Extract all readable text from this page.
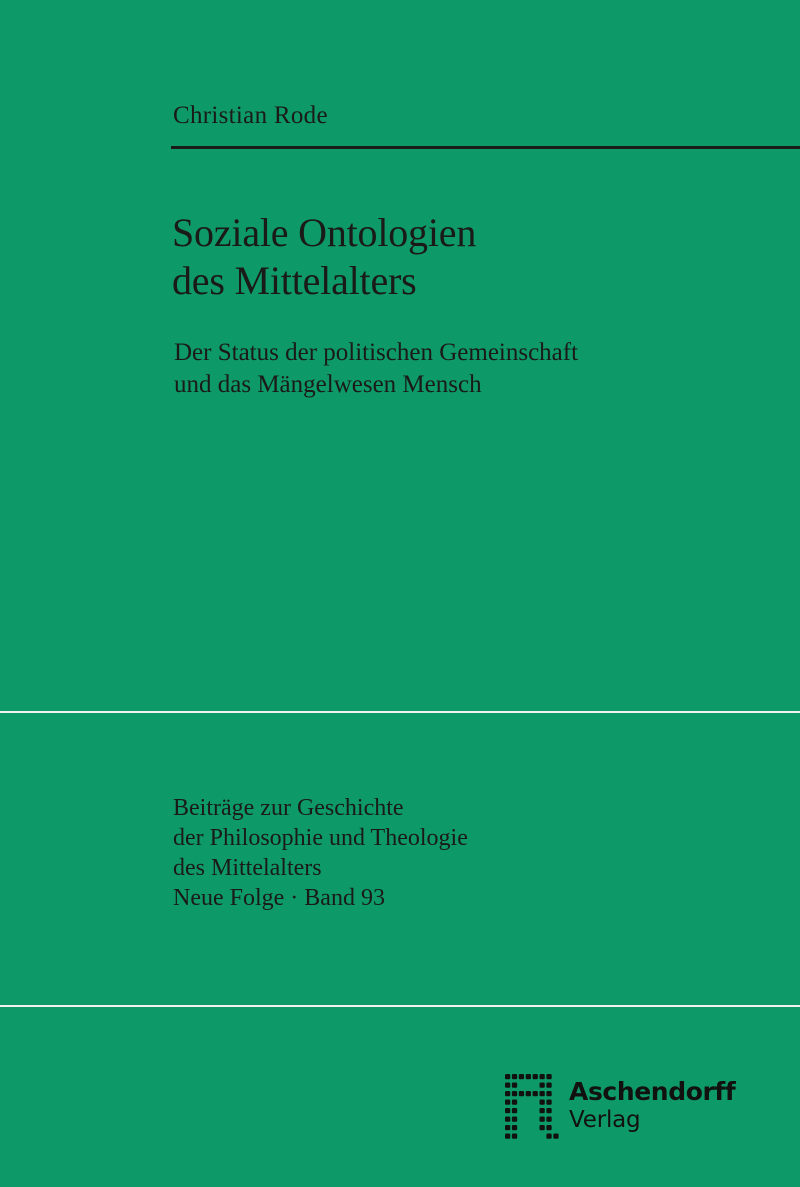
Christian Rode
Soziale Ontologien
des Mittelalters
Der Status der politischen Gemeinschaft
und das Mängelwesen Mensch
Beiträge zur Geschichte
der Philosophie und Theologie
des Mittelalters
Neue Folge · Band 93
Aschendorff
Verlag
